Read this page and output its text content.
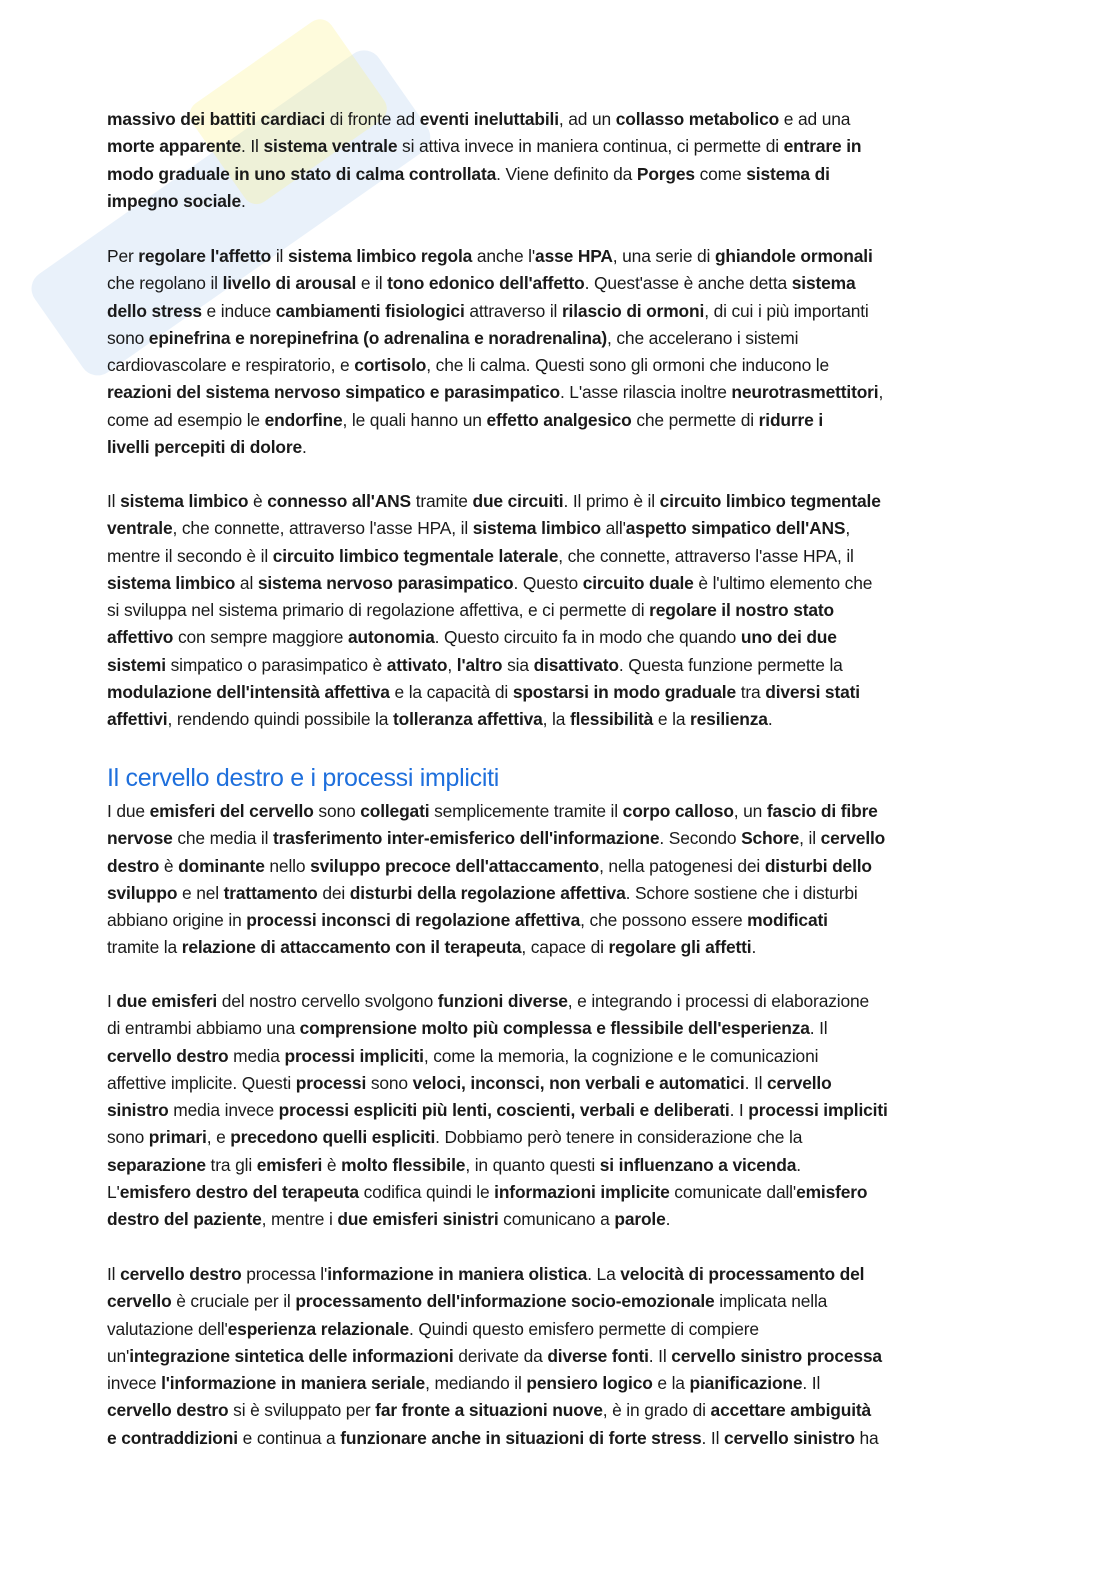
massivo dei battiti cardiaci di fronte ad eventi ineluttabili, ad un collasso metabolico e ad una
morte apparente. Il sistema ventrale si attiva invece in maniera continua, ci permette di entrare in
modo graduale in uno stato di calma controllata. Viene definito da Porges come sistema di
impegno sociale.
Per regolare l'affetto il sistema limbico regola anche l'asse HPA, una serie di ghiandole ormonali
che regolano il livello di arousal e il tono edonico dell'affetto. Quest'asse è anche detta sistema
dello stress e induce cambiamenti fisiologici attraverso il rilascio di ormoni, di cui i più importanti
sono epinefrina e norepinefrina (o adrenalina e noradrenalina), che accelerano i sistemi
cardiovascolare e respiratorio, e cortisolo, che li calma. Questi sono gli ormoni che inducono le
reazioni del sistema nervoso simpatico e parasimpatico. L'asse rilascia inoltre neurotrasmettitori,
come ad esempio le endorfine, le quali hanno un effetto analgesico che permette di ridurre i
livelli percepiti di dolore.
Il sistema limbico è connesso all'ANS tramite due circuiti. Il primo è il circuito limbico tegmentale
ventrale, che connette, attraverso l'asse HPA, il sistema limbico all'aspetto simpatico dell'ANS,
mentre il secondo è il circuito limbico tegmentale laterale, che connette, attraverso l'asse HPA, il
sistema limbico al sistema nervoso parasimpatico. Questo circuito duale è l'ultimo elemento che
si sviluppa nel sistema primario di regolazione affettiva, e ci permette di regolare il nostro stato
affettivo con sempre maggiore autonomia. Questo circuito fa in modo che quando uno dei due
sistemi simpatico o parasimpatico è attivato, l'altro sia disattivato. Questa funzione permette la
modulazione dell'intensità affettiva e la capacità di spostarsi in modo graduale tra diversi stati
affettivi, rendendo quindi possibile la tolleranza affettiva, la flessibilità e la resilienza.
Il cervello destro e i processi impliciti
I due emisferi del cervello sono collegati semplicemente tramite il corpo calloso, un fascio di fibre
nervose che media il trasferimento inter-emisferico dell'informazione. Secondo Schore, il cervello
destro è dominante nello sviluppo precoce dell'attaccamento, nella patogenesi dei disturbi dello
sviluppo e nel trattamento dei disturbi della regolazione affettiva. Schore sostiene che i disturbi
abbiano origine in processi inconsci di regolazione affettiva, che possono essere modificati
tramite la relazione di attaccamento con il terapeuta, capace di regolare gli affetti.
I due emisferi del nostro cervello svolgono funzioni diverse, e integrando i processi di elaborazione
di entrambi abbiamo una comprensione molto più complessa e flessibile dell'esperienza. Il
cervello destro media processi impliciti, come la memoria, la cognizione e le comunicazioni
affettive implicite. Questi processi sono veloci, inconsci, non verbali e automatici. Il cervello
sinistro media invece processi espliciti più lenti, coscienti, verbali e deliberati. I processi impliciti
sono primari, e precedono quelli espliciti. Dobbiamo però tenere in considerazione che la
separazione tra gli emisferi è molto flessibile, in quanto questi si influenzano a vicenda.
L'emisfero destro del terapeuta codifica quindi le informazioni implicite comunicate dall'emisfero
destro del paziente, mentre i due emisferi sinistri comunicano a parole.
Il cervello destro processa l'informazione in maniera olistica. La velocità di processamento del
cervello è cruciale per il processamento dell'informazione socio-emozionale implicata nella
valutazione dell'esperienza relazionale. Quindi questo emisfero permette di compiere
un'integrazione sintetica delle informazioni derivate da diverse fonti. Il cervello sinistro processa
invece l'informazione in maniera seriale, mediando il pensiero logico e la pianificazione. Il
cervello destro si è sviluppato per far fronte a situazioni nuove, è in grado di accettare ambiguità
e contraddizioni e continua a funzionare anche in situazioni di forte stress. Il cervello sinistro ha
